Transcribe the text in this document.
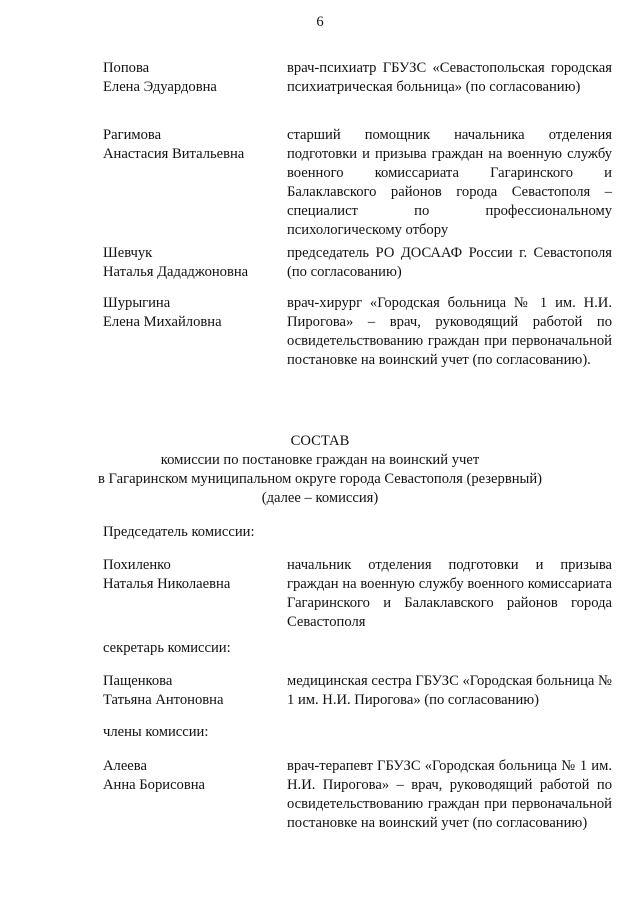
6
Попова
Елена Эдуардовна
врач-психиатр ГБУЗС «Севастопольская городская психиатрическая больница» (по согласованию)
Рагимова
Анастасия Витальевна
старший помощник начальника отделения подготовки и призыва граждан на военную службу военного комиссариата Гагаринского и Балаклавского районов города Севастополя – специалист по профессиональному психологическому отбору
Шевчук
Наталья Дададжоновна
председатель РО ДОСААФ России г. Севастополя (по согласованию)
Шурыгина
Елена Михайловна
врач-хирург «Городская больница № 1 им. Н.И. Пирогова» – врач, руководящий работой по освидетельствованию граждан при первоначальной постановке на воинский учет (по согласованию).
СОСТАВ
комиссии по постановке граждан на воинский учет
в Гагаринском муниципальном округе города Севастополя (резервный)
(далее – комиссия)
Председатель комиссии:
Похиленко
Наталья Николаевна
начальник отделения подготовки и призыва граждан на военную службу военного комиссариата Гагаринского и Балаклавского районов города Севастополя
секретарь комиссии:
Пащенкова
Татьяна Антоновна
медицинская сестра ГБУЗС «Городская больница № 1 им. Н.И. Пирогова» (по согласованию)
члены комиссии:
Алеева
Анна Борисовна
врач-терапевт ГБУЗС «Городская больница № 1 им. Н.И. Пирогова» – врач, руководящий работой по освидетельствованию граждан при первоначальной постановке на воинский учет (по согласованию)
